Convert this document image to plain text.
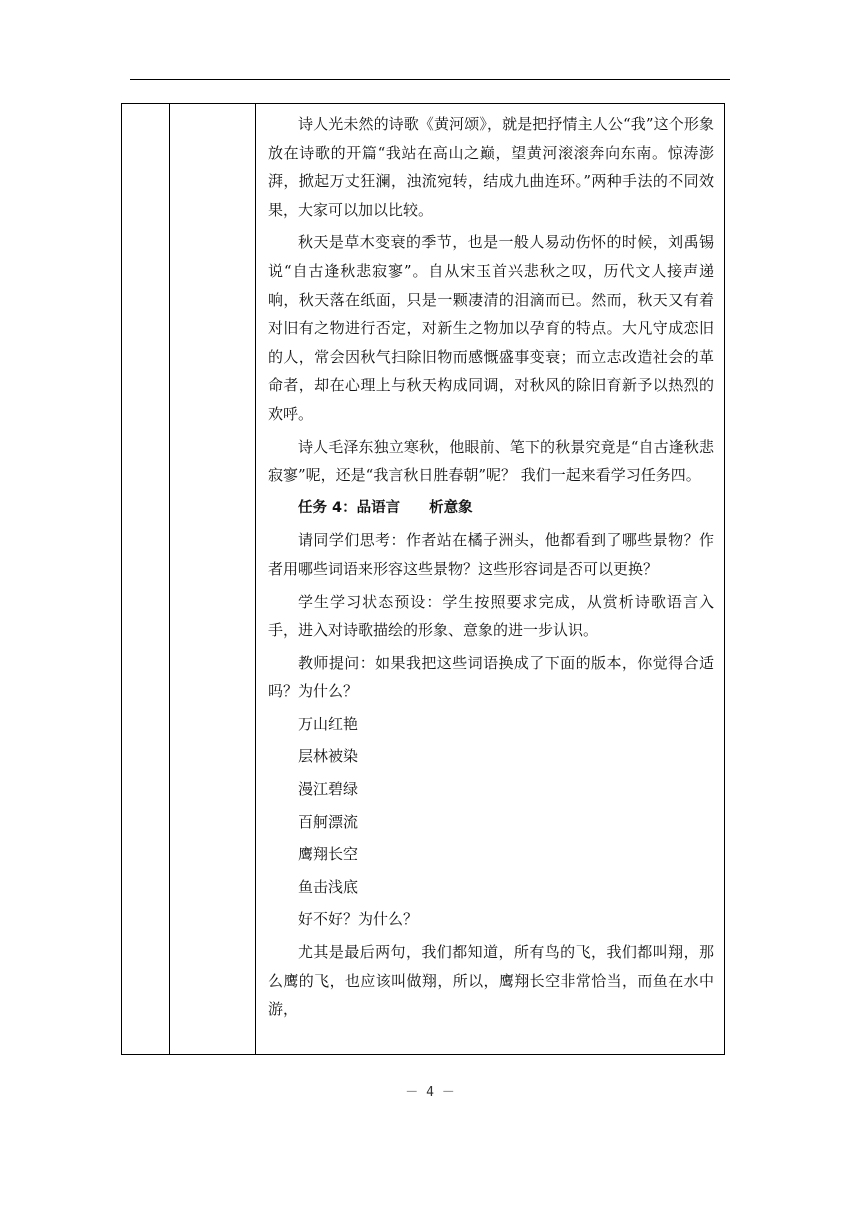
诗人光未然的诗歌《黄河颂》，就是把抒情主人公“我”这个形象放在诗歌的开篇“我站在高山之巅，望黄河滚滚奔向东南。惊涛澎湃，掀起万丈狂澜，浊流宛转，结成九曲连环。”两种手法的不同效果，大家可以加以比较。

秋天是草木变衰的季节，也是一般人易动伤怀的时候，刘禹锡说“自古逢秋悲寂寥”。自从宋玉首兴悲秋之叹，历代文人接声递响，秋天落在纸面，只是一颗凄清的泪滴而已。然而，秋天又有着对旧有之物进行否定，对新生之物加以孕育的特点。大凡守成恋旧的人，常会因秋气扫除旧物而感慨盛事变衰；而立志改造社会的革命者，却在心理上与秋天构成同调，对秋风的除旧育新予以热烈的欢呼。

诗人毛泽东独立寒秋，他眼前、笔下的秋景究竟是“自古逢秋悲寂寥”呢，还是“我言秋日胜春朝”呢？ 我们一起来看学习任务四。

任务 4：品语言　　析意象

请同学们思考：作者站在橘子洲头，他都看到了哪些景物？作者用哪些词语来形容这些景物？这些形容词是否可以更换？

学生学习状态预设：学生按照要求完成，从赏析诗歌语言入手，进入对诗歌描绘的形象、意象的进一步认识。

教师提问：如果我把这些词语换成了下面的版本，你觉得合适吗？为什么？

万山红艳

层林被染

漫江碧绿

百舸漂流

鹰翔长空

鱼击浅底

好不好？为什么？

尤其是最后两句，我们都知道，所有鸟的飞，我们都叫翔，那么鹰的飞，也应该叫做翔，所以，鹰翔长空非常恰当，而鱼在水中游，

－ 4 －
